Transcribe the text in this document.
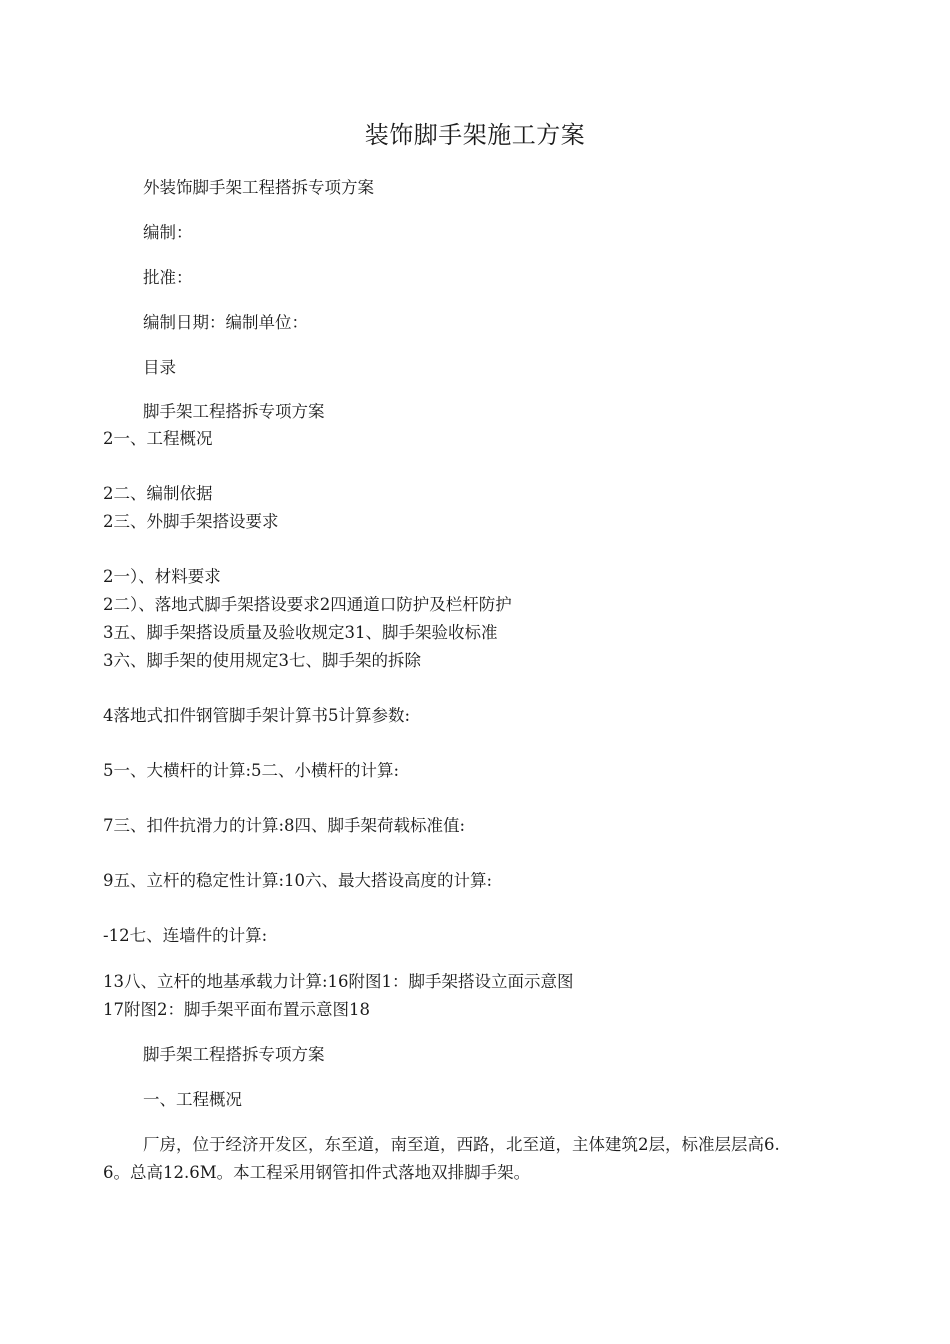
装饰脚手架施工方案
外装饰脚手架工程搭拆专项方案
编制：
批准：
编制日期：编制单位：
目录
脚手架工程搭拆专项方案
2一、工程概况
2二、编制依据
2三、外脚手架搭设要求
2一）、材料要求
2二）、落地式脚手架搭设要求2四通道口防护及栏杆防护
3五、脚手架搭设质量及验收规定31、脚手架验收标准
3六、脚手架的使用规定3七、脚手架的拆除
4落地式扣件钢管脚手架计算书5计算参数:
5一、大横杆的计算:5二、小横杆的计算:
7三、扣件抗滑力的计算:8四、脚手架荷载标准值:
9五、立杆的稳定性计算:10六、最大搭设高度的计算:
-12七、连墙件的计算:
13八、立杆的地基承载力计算:16附图1：脚手架搭设立面示意图
17附图2：脚手架平面布置示意图18
脚手架工程搭拆专项方案
一、工程概况
厂房，位于经济开发区，东至道，南至道，西路，北至道，主体建筑2层，标准层层高6.
6。总高12.6M。本工程采用钢管扣件式落地双排脚手架。
